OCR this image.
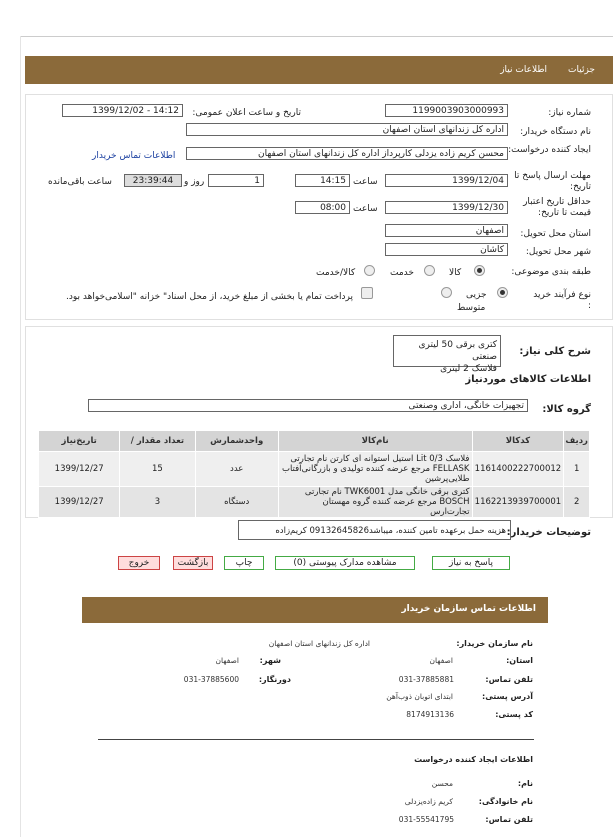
جزئیات
اطلاعات نیاز
شماره نیاز:
1199003903000993
تاریخ و ساعت اعلان عمومی:
1399/12/02 - 14:12
نام دستگاه خریدار:
اداره کل زندانهای استان اصفهان
ایجاد کننده درخواست:
محسن کریم زاده یزدلی کارپرداز اداره کل زندانهای استان اصفهان
اطلاعات تماس خریدار
مهلت ارسال پاسخ تا تاریخ:
1399/12/04
ساعت
14:15
1
روز و
23:39:44
ساعت باقی‌مانده
حداقل تاریخ اعتبار قیمت تا تاریخ:
1399/12/30
ساعت
08:00
استان محل تحویل:
اصفهان
شهر محل تحویل:
کاشان
طبقه بندی موضوعی:
کالا
خدمت
کالا/خدمت
نوع فرآیند خرید :
جزیی
متوسط
پرداخت تمام یا بخشی از مبلغ خرید، از محل اسناد" خزانه "اسلامی‌خواهد بود.
شرح کلی نیاز:
کتری برقی 50 لیتری صنعتی
فلاسک 2 لیتری
اطلاعات کالاهای موردنیاز
گروه کالا:
تجهیزات خانگی، اداری وصنعتی
ردیف	کدکالا	نام‌کالا	واحدشمارش	تعداد مقدار /	تاریخ‌نیاز
1	1161400222700012	فلاسک Lit 0/3 استیل استوانه ای کارتن نام تجارتی FELLASK مرجع عرضه کننده تولیدی و بازرگانی‌آفتاب طلایی‌پرشین	عدد	15	1399/12/27
2	1162213939700001	کتری برقی خانگی مدل TWK6001 نام تجارتی BOSCH مرجع عرضه کننده گروه مهستان تجارت‌ارس	دستگاه	3	1399/12/27
توضیحات خریدار:
هزینه حمل برعهده تامین کننده، میباشد09132645826 کریم‌زاده
پاسخ به نیاز
مشاهده مدارک پیوستی (0)
چاپ
بازگشت
خروج
اطلاعات تماس سازمان خریدار
نام سازمان خریدار:
اداره کل زندانهای استان اصفهان
استان:
اصفهان
شهر:
اصفهان
تلفن تماس:
031-37885881
دورنگار:
031-37885600
آدرس پستی:
ابتدای اتوبان ذوب‌آهن
کد پستی:
8174913136
اطلاعات ایجاد کننده درخواست
نام:
محسن
نام خانوادگی:
کریم زاده‌یزدلی
تلفن تماس:
031-55541795
